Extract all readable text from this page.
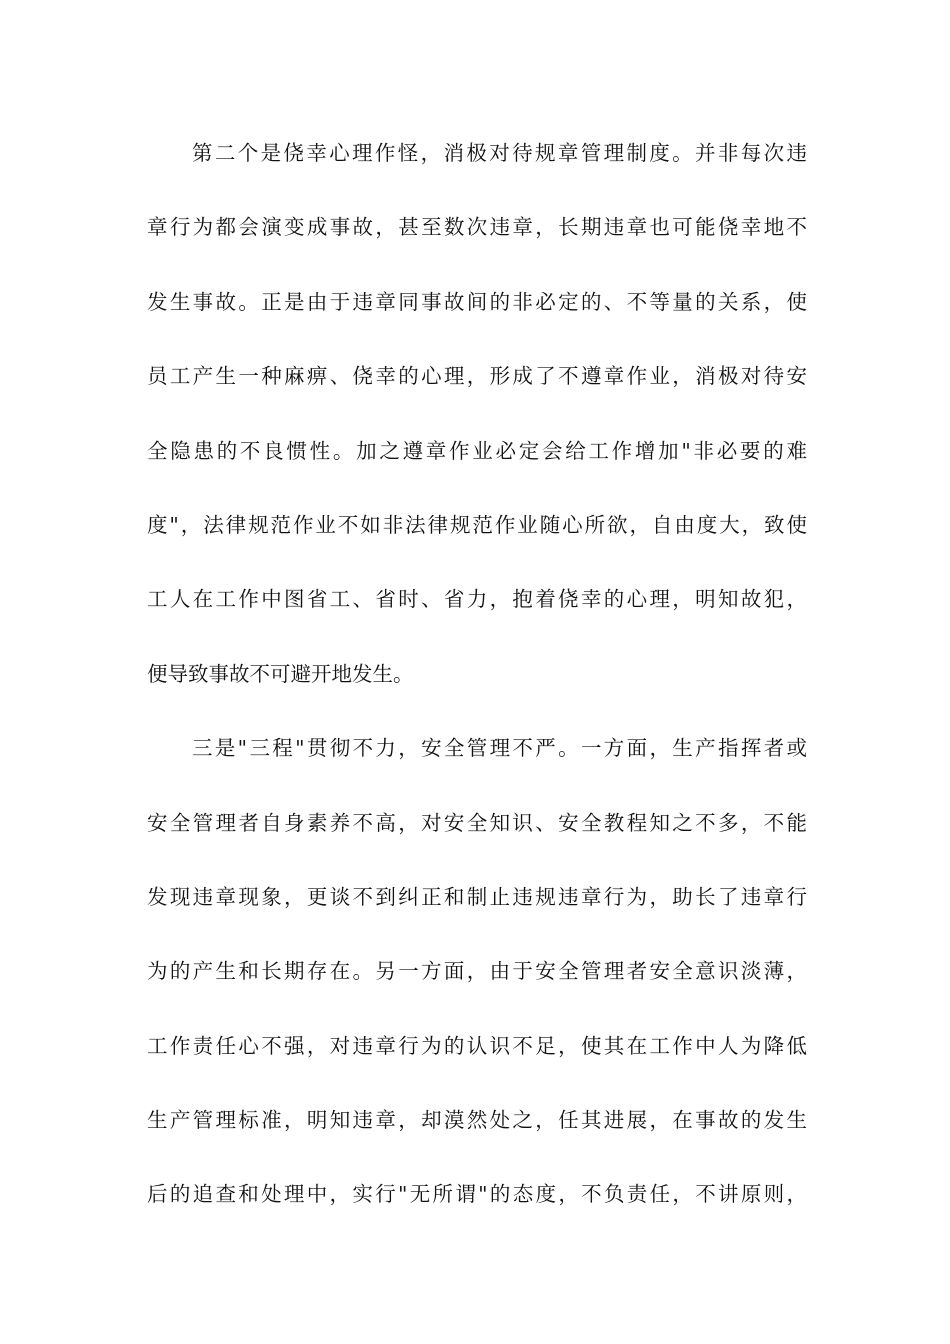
第二个是侥幸心理作怪，消极对待规章管理制度。并非每次违
章行为都会演变成事故，甚至数次违章，长期违章也可能侥幸地不
发生事故。正是由于违章同事故间的非必定的、不等量的关系，使
员工产生一种麻痹、侥幸的心理，形成了不遵章作业，消极对待安
全隐患的不良惯性。加之遵章作业必定会给工作增加"非必要的难
度"，法律规范作业不如非法律规范作业随心所欲，自由度大，致使
工人在工作中图省工、省时、省力，抱着侥幸的心理，明知故犯，
便导致事故不可避开地发生。
三是"三程"贯彻不力，安全管理不严。一方面，生产指挥者或
安全管理者自身素养不高，对安全知识、安全教程知之不多，不能
发现违章现象，更谈不到纠正和制止违规违章行为，助长了违章行
为的产生和长期存在。另一方面，由于安全管理者安全意识淡薄，
工作责任心不强，对违章行为的认识不足，使其在工作中人为降低
生产管理标准，明知违章，却漠然处之，任其进展，在事故的发生
后的追查和处理中，实行"无所谓"的态度，不负责任，不讲原则，
